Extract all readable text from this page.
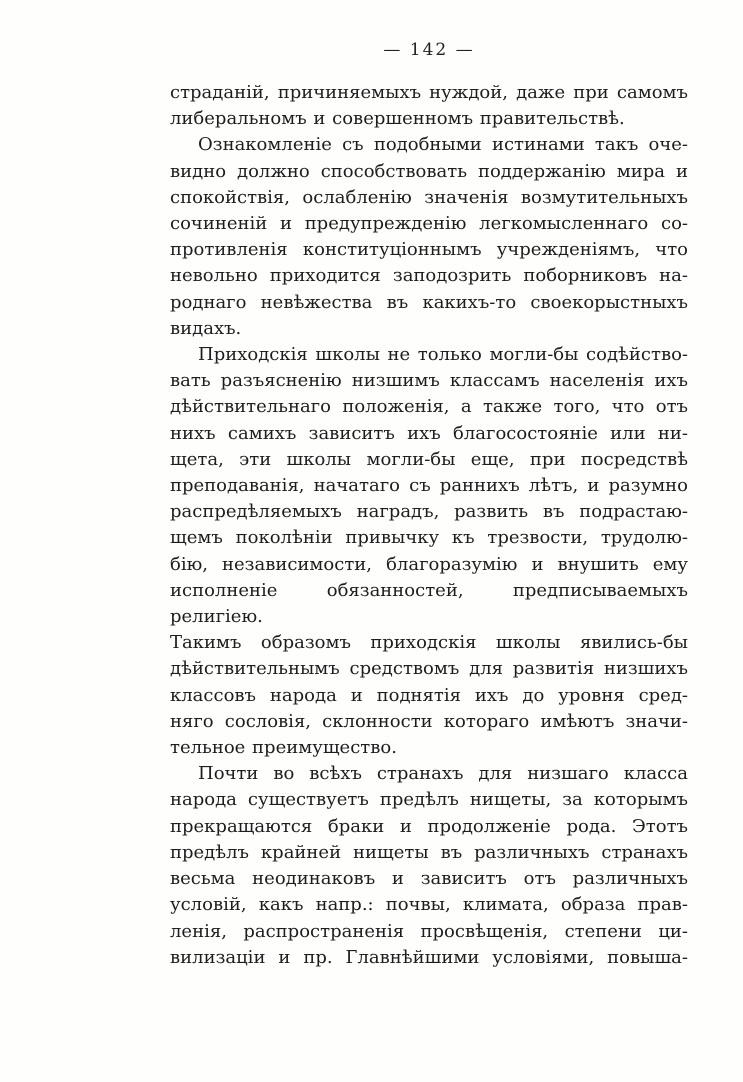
— 142 —
страданій, причиняемыхъ нуждой, даже при самомъ
либеральномъ и совершенномъ правительствѣ.
Ознакомленіе съ подобными истинами такъ оче-
видно должно способствовать поддержанію мира и
спокойствія, ослабленію значенія возмутительныхъ
сочиненій и предупрежденію легкомысленнаго со-
противленія конституціоннымъ учрежденіямъ, что
невольно приходится заподозрить поборниковъ на-
роднаго невѣжества въ какихъ-то своекорыстныхъ
видахъ.
Приходскія школы не только могли-бы содѣйство-
вать разъясненію низшимъ классамъ населенія ихъ
дѣйствительнаго положенія, а также того, что отъ
нихъ самихъ зависитъ ихъ благосостояніе или ни-
щета, эти школы могли-бы еще, при посредствѣ
преподаванія, начатаго съ раннихъ лѣтъ, и разумно
распредѣляемыхъ наградъ, развить въ подрастаю-
щемъ поколѣніи привычку къ трезвости, трудолю-
бію, независимости, благоразумію и внушить ему
исполненіе обязанностей, предписываемыхъ религіею.
Такимъ образомъ приходскія школы явились-бы
дѣйствительнымъ средствомъ для развитія низшихъ
классовъ народа и поднятія ихъ до уровня сред-
няго сословія, склонности котораго имѣютъ значи-
тельное преимущество.
Почти во всѣхъ странахъ для низшаго класса
народа существуетъ предѣлъ нищеты, за которымъ
прекращаются браки и продолженіе рода. Этотъ
предѣлъ крайней нищеты въ различныхъ странахъ
весьма неодинаковъ и зависитъ отъ различныхъ
условій, какъ напр.: почвы, климата, образа прав-
ленія, распространенія просвѣщенія, степени ци-
вилизаціи и пр. Главнѣйшими условіями, повыша-
